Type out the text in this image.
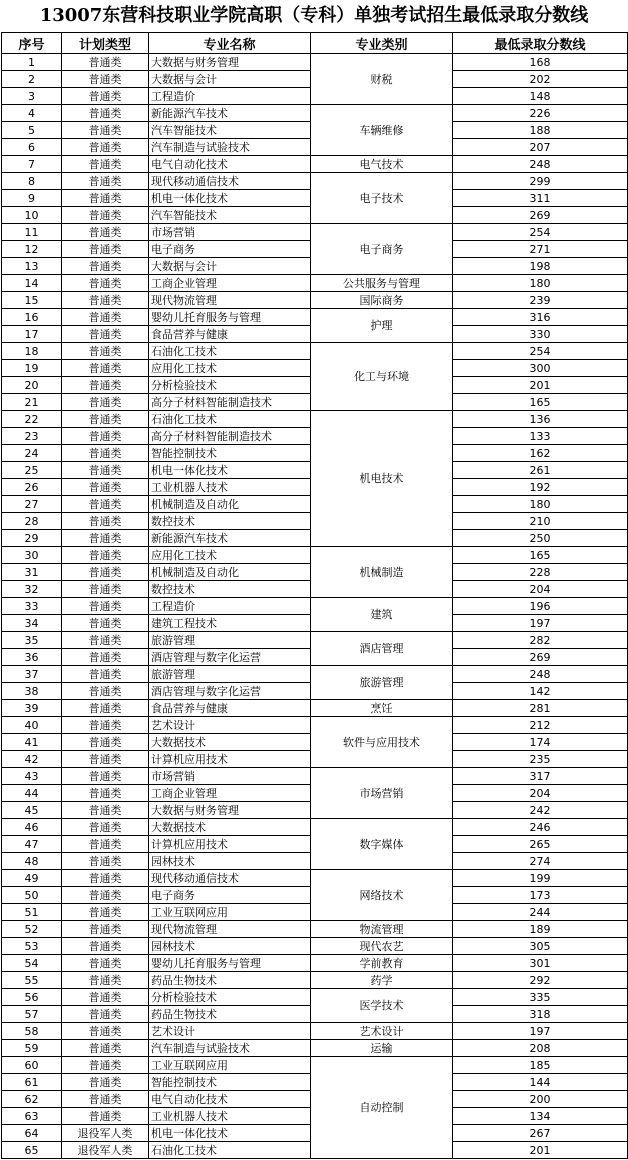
13007东营科技职业学院高职（专科）单独考试招生最低录取分数线
序号	计划类型	专业名称	专业类别	最低录取分数线
1	普通类	大数据与财务管理	财税	168
2	普通类	大数据与会计		202
3	普通类	工程造价		148
4	普通类	新能源汽车技术	车辆维修	226
5	普通类	汽车智能技术		188
6	普通类	汽车制造与试验技术		207
7	普通类	电气自动化技术	电气技术	248
8	普通类	现代移动通信技术	电子技术	299
9	普通类	机电一体化技术		311
10	普通类	汽车智能技术		269
11	普通类	市场营销	电子商务	254
12	普通类	电子商务		271
13	普通类	大数据与会计		198
14	普通类	工商企业管理	公共服务与管理	180
15	普通类	现代物流管理	国际商务	239
16	普通类	婴幼儿托育服务与管理	护理	316
17	普通类	食品营养与健康		330
18	普通类	石油化工技术	化工与环境	254
19	普通类	应用化工技术		300
20	普通类	分析检验技术		201
21	普通类	高分子材料智能制造技术		165
22	普通类	石油化工技术	机电技术	136
23	普通类	高分子材料智能制造技术		133
24	普通类	智能控制技术		162
25	普通类	机电一体化技术		261
26	普通类	工业机器人技术		192
27	普通类	机械制造及自动化		180
28	普通类	数控技术		210
29	普通类	新能源汽车技术		250
30	普通类	应用化工技术	机械制造	165
31	普通类	机械制造及自动化		228
32	普通类	数控技术		204
33	普通类	工程造价	建筑	196
34	普通类	建筑工程技术		197
35	普通类	旅游管理	酒店管理	282
36	普通类	酒店管理与数字化运营		269
37	普通类	旅游管理	旅游管理	248
38	普通类	酒店管理与数字化运营		142
39	普通类	食品营养与健康	烹饪	281
40	普通类	艺术设计	软件与应用技术	212
41	普通类	大数据技术		174
42	普通类	计算机应用技术		235
43	普通类	市场营销	市场营销	317
44	普通类	工商企业管理		204
45	普通类	大数据与财务管理		242
46	普通类	大数据技术	数字媒体	246
47	普通类	计算机应用技术		265
48	普通类	园林技术		274
49	普通类	现代移动通信技术	网络技术	199
50	普通类	电子商务		173
51	普通类	工业互联网应用		244
52	普通类	现代物流管理	物流管理	189
53	普通类	园林技术	现代农艺	305
54	普通类	婴幼儿托育服务与管理	学前教育	301
55	普通类	药品生物技术	药学	292
56	普通类	分析检验技术	医学技术	335
57	普通类	药品生物技术		318
58	普通类	艺术设计	艺术设计	197
59	普通类	汽车制造与试验技术	运输	208
60	普通类	工业互联网应用	自动控制	185
61	普通类	智能控制技术		144
62	普通类	电气自动化技术		200
63	普通类	工业机器人技术		134
64	退役军人类	机电一体化技术		267
65	退役军人类	石油化工技术		201
